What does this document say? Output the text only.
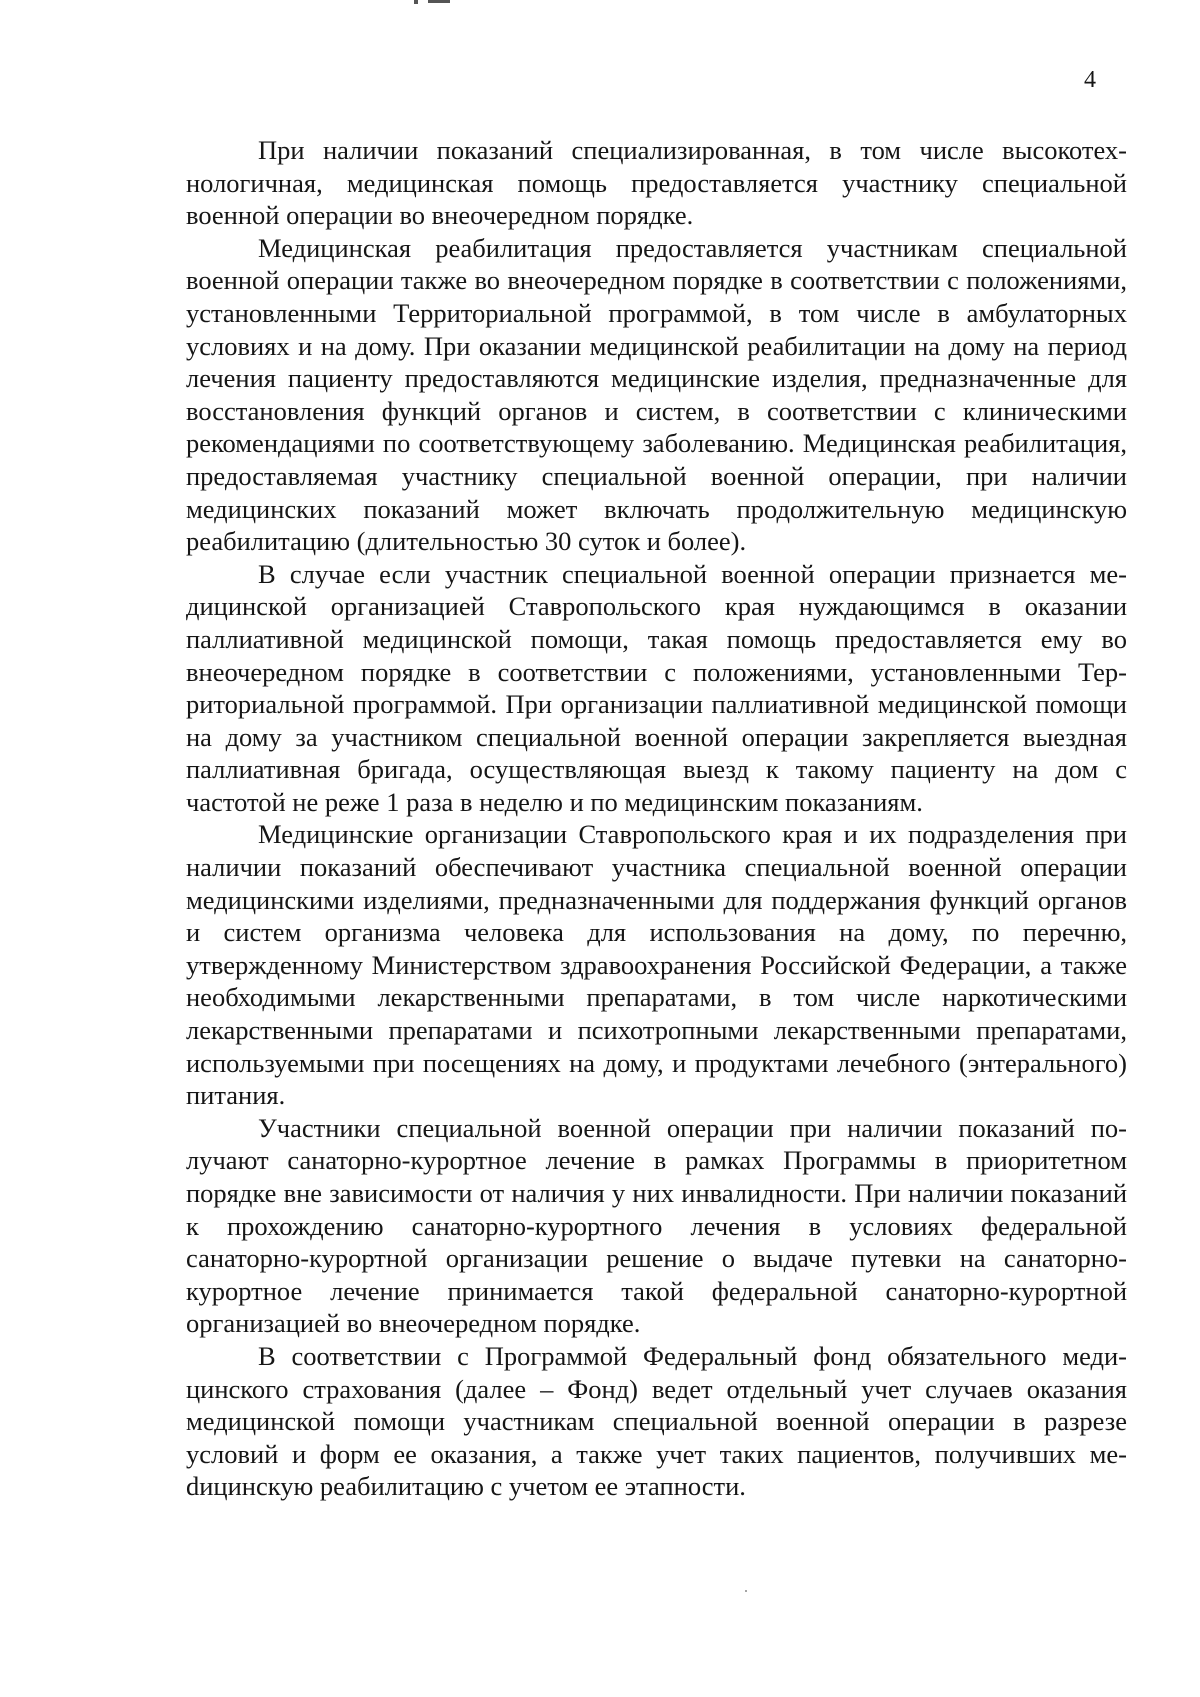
4

При наличии показаний специализированная, в том числе высокотехнологичная, медицинская помощь предоставляется участнику специальной военной операции во внеочередном порядке.

Медицинская реабилитация предоставляется участникам специальной военной операции также во внеочередном порядке в соответствии с положениями, установленными Территориальной программой, в том числе в амбулаторных условиях и на дому. При оказании медицинской реабилитации на дому на период лечения пациенту предоставляются медицинские изделия, предназначенные для восстановления функций органов и систем, в соответствии с клиническими рекомендациями по соответствующему заболеванию. Медицинская реабилитация, предоставляемая участнику специальной военной операции, при наличии медицинских показаний может включать продолжительную медицинскую реабилитацию (длительностью 30 суток и более).

В случае если участник специальной военной операции признается медицинской организацией Ставропольского края нуждающимся в оказании паллиативной медицинской помощи, такая помощь предоставляется ему во внеочередном порядке в соответствии с положениями, установленными Территориальной программой. При организации паллиативной медицинской помощи на дому за участником специальной военной операции закрепляется выездная паллиативная бригада, осуществляющая выезд к такому пациенту на дом с частотой не реже 1 раза в неделю и по медицинским показаниям.

Медицинские организации Ставропольского края и их подразделения при наличии показаний обеспечивают участника специальной военной операции медицинскими изделиями, предназначенными для поддержания функций органов и систем организма человека для использования на дому, по перечню, утвержденному Министерством здравоохранения Российской Федерации, а также необходимыми лекарственными препаратами, в том числе наркотическими лекарственными препаратами и психотропными лекарственными препаратами, используемыми при посещениях на дому, и продуктами лечебного (энтерального) питания.

Участники специальной военной операции при наличии показаний получают санаторно-курортное лечение в рамках Программы в приоритетном порядке вне зависимости от наличия у них инвалидности. При наличии показаний к прохождению санаторно-курортного лечения в условиях федеральной санаторно-курортной организации решение о выдаче путевки на санаторно-курортное лечение принимается такой федеральной санаторно-курортной организацией во внеочередном порядке.

В соответствии с Программой Федеральный фонд обязательного медицинского страхования (далее – Фонд) ведет отдельный учет случаев оказания медицинской помощи участникам специальной военной операции в разрезе условий и форм ее оказания, а также учет таких пациентов, получивших меdицинскую реабилитацию с учетом ее этапности.
